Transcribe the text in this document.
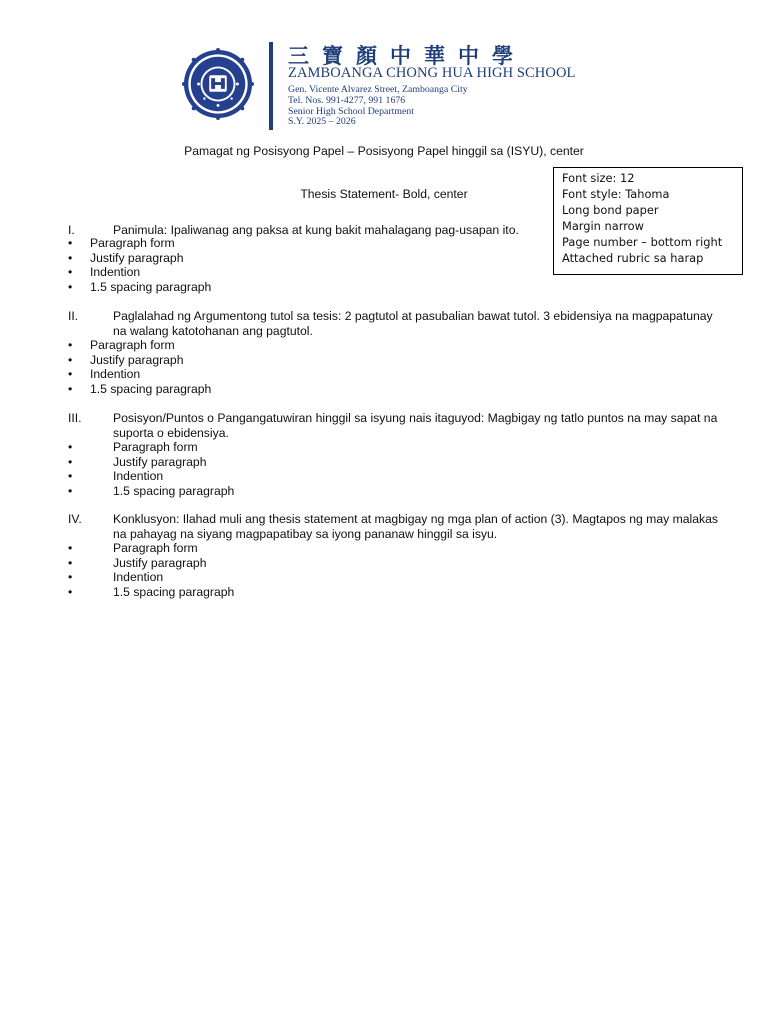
三寶顏中華中學
ZAMBOANGA CHONG HUA HIGH SCHOOL
Gen. Vicente Alvarez Street, Zamboanga City
Tel. Nos. 991-4277, 991 1676
Senior High School Department
S.Y. 2025 – 2026
Pamagat ng Posisyong Papel – Posisyong Papel hinggil sa (ISYU), center
Thesis Statement- Bold, center
Font size: 12
Font style: Tahoma
Long bond paper
Margin narrow
Page number – bottom right
Attached rubric sa harap
I.	Panimula: Ipaliwanag ang paksa at kung bakit mahalagang pag-usapan ito.
• Paragraph form
• Justify paragraph
• Indention
• 1.5 spacing paragraph
II.	Paglalahad ng Argumentong tutol sa tesis: 2 pagtutol at pasubalian bawat tutol. 3 ebidensiya na magpapatunay na walang katotohanan ang pagtutol.
• Paragraph form
• Justify paragraph
• Indention
• 1.5 spacing paragraph
III.	Posisyon/Puntos o Pangangatuwiran hinggil sa isyung nais itaguyod: Magbigay ng tatlo puntos na may sapat na suporta o ebidensiya.
•	Paragraph form
•	Justify paragraph
•	Indention
•	1.5 spacing paragraph
IV.	Konklusyon: Ilahad muli ang thesis statement at magbigay ng mga plan of action (3). Magtapos ng may malakas na pahayag na siyang magpapatibay sa iyong pananaw hinggil sa isyu.
•	Paragraph form
•	Justify paragraph
•	Indention
•	1.5 spacing paragraph
